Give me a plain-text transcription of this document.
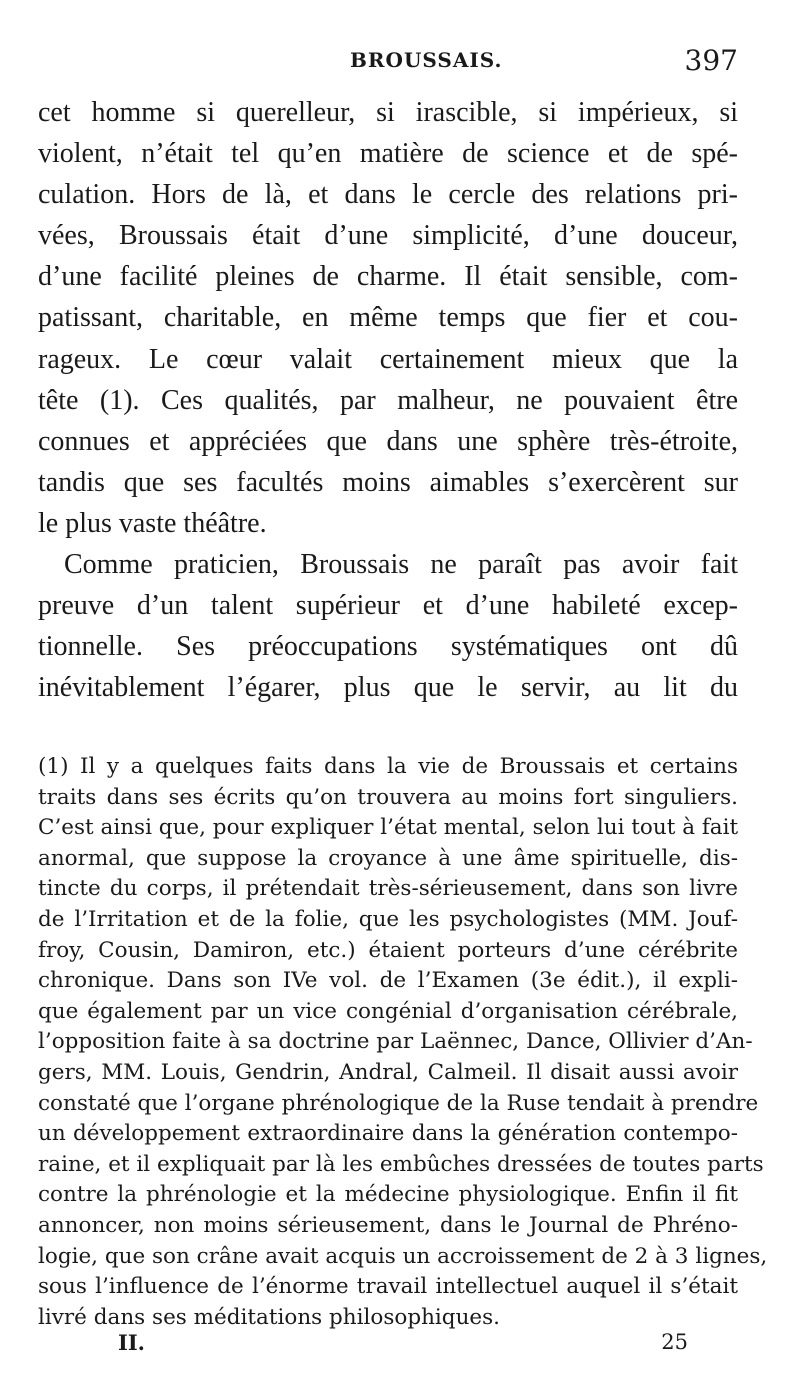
BROUSSAIS.	397
cet homme si querelleur, si irascible, si impérieux, si
violent, n’était tel qu’en matière de science et de spé-
culation. Hors de là, et dans le cercle des relations pri-
vées, Broussais était d’une simplicité, d’une douceur,
d’une facilité pleines de charme. Il était sensible, com-
patissant, charitable, en même temps que fier et cou-
rageux. Le cœur valait certainement mieux que la
tête (1). Ces qualités, par malheur, ne pouvaient être
connues et appréciées que dans une sphère très-étroite,
tandis que ses facultés moins aimables s’exercèrent sur
le plus vaste théâtre.
Comme praticien, Broussais ne paraît pas avoir fait
preuve d’un talent supérieur et d’une habileté excep-
tionnelle. Ses préoccupations systématiques ont dû
inévitablement l’égarer, plus que le servir, au lit du
(1) Il y a quelques faits dans la vie de Broussais et certains
traits dans ses écrits qu’on trouvera au moins fort singuliers.
C’est ainsi que, pour expliquer l’état mental, selon lui tout à fait
anormal, que suppose la croyance à une âme spirituelle, dis-
tincte du corps, il prétendait très-sérieusement, dans son livre
de l’Irritation et de la folie, que les psychologistes (MM. Jouf-
froy, Cousin, Damiron, etc.) étaient porteurs d’une cérébrite
chronique. Dans son IVe vol. de l’Examen (3e édit.), il expli-
que également par un vice congénial d’organisation cérébrale,
l’opposition faite à sa doctrine par Laënnec, Dance, Ollivier d’An-
gers, MM. Louis, Gendrin, Andral, Calmeil. Il disait aussi avoir
constaté que l’organe phrénologique de la Ruse tendait à prendre
un développement extraordinaire dans la génération contempo-
raine, et il expliquait par là les embûches dressées de toutes parts
contre la phrénologie et la médecine physiologique. Enfin il fit
annoncer, non moins sérieusement, dans le Journal de Phréno-
logie, que son crâne avait acquis un accroissement de 2 à 3 lignes,
sous l’influence de l’énorme travail intellectuel auquel il s’était
livré dans ses méditations philosophiques.
II.	25
